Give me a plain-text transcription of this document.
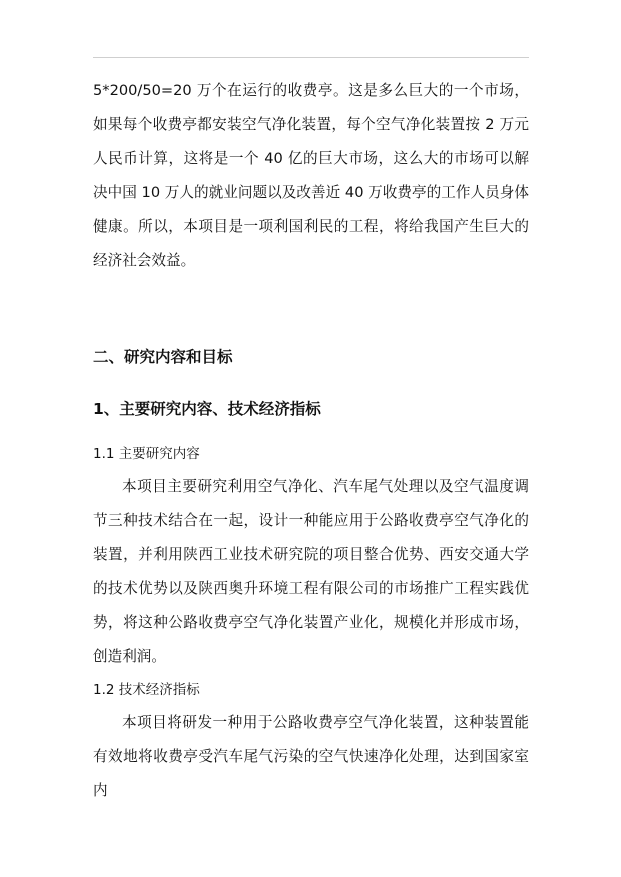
5*200/50=20 万个在运行的收费亭。这是多么巨大的一个市场，如果每个收费亭都安装空气净化装置，每个空气净化装置按 2 万元人民币计算，这将是一个 40 亿的巨大市场，这么大的市场可以解决中国 10 万人的就业问题以及改善近 40 万收费亭的工作人员身体健康。所以，本项目是一项利国利民的工程，将给我国产生巨大的经济社会效益。

二、研究内容和目标
1、主要研究内容、技术经济指标
1.1 主要研究内容

本项目主要研究利用空气净化、汽车尾气处理以及空气温度调节三种技术结合在一起，设计一种能应用于公路收费亭空气净化的装置，并利用陕西工业技术研究院的项目整合优势、西安交通大学的技术优势以及陕西奥升环境工程有限公司的市场推广工程实践优势，将这种公路收费亭空气净化装置产业化，规模化并形成市场，创造利润。

1.2 技术经济指标

本项目将研发一种用于公路收费亭空气净化装置，这种装置能有效地将收费亭受汽车尾气污染的空气快速净化处理，达到国家室内
